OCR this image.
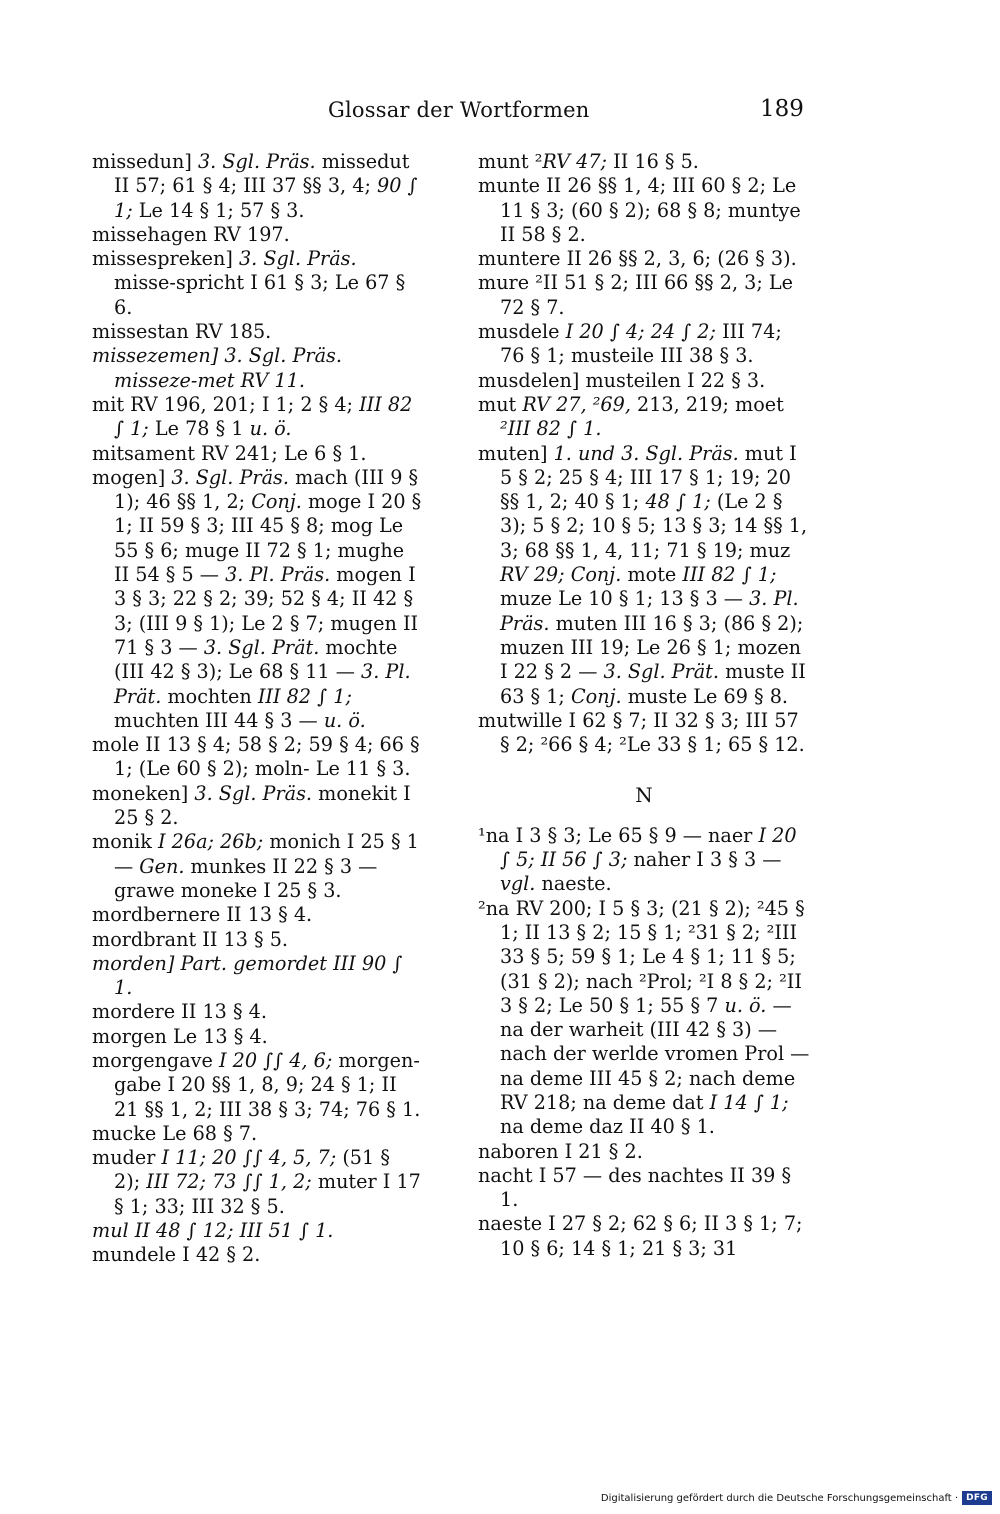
Glossar der Wortformen	189
missedun] 3. Sgl. Präs. missedut II 57; 61 § 4; III 37 §§ 3, 4; 90 ∫ 1; Le 14 § 1; 57 § 3.
missehagen RV 197.
missespreken] 3. Sgl. Präs. misse-spricht I 61 § 3; Le 67 § 6.
missestan RV 185.
missezemen] 3. Sgl. Präs. misseze-met RV 11.
mit RV 196, 201; I 1; 2 § 4; III 82 ∫ 1; Le 78 § 1 u. ö.
mitsament RV 241; Le 6 § 1.
mogen] 3. Sgl. Präs. mach (III 9 § 1); 46 §§ 1, 2; Conj. moge I 20 § 1; II 59 § 3; III 45 § 8; mog Le 55 § 6; muge II 72 § 1; mughe II 54 § 5 — 3. Pl. Präs. mogen I 3 § 3; 22 § 2; 39; 52 § 4; II 42 § 3; (III 9 § 1); Le 2 § 7; mugen II 71 § 3 — 3. Sgl. Prät. mochte (III 42 § 3); Le 68 § 11 — 3. Pl. Prät. mochten III 82 ∫ 1; muchten III 44 § 3 — u. ö.
mole II 13 § 4; 58 § 2; 59 § 4; 66 § 1; (Le 60 § 2); moln- Le 11 § 3.
moneken] 3. Sgl. Präs. monekit I 25 § 2.
monik I 26a; 26b; monich I 25 § 1 — Gen. munkes II 22 § 3 — grawe moneke I 25 § 3.
mordbernere II 13 § 4.
mordbrant II 13 § 5.
morden] Part. gemordet III 90 ∫ 1.
mordere II 13 § 4.
morgen Le 13 § 4.
morgengave I 20 ∫∫ 4, 6; morgen-gabe I 20 §§ 1, 8, 9; 24 § 1; II 21 §§ 1, 2; III 38 § 3; 74; 76 § 1.
mucke Le 68 § 7.
muder I 11; 20 ∫∫ 4, 5, 7; (51 § 2); III 72; 73 ∫∫ 1, 2; muter I 17 § 1; 33; III 32 § 5.
mul II 48 ∫ 12; III 51 ∫ 1.
mundele I 42 § 2.
munt ²RV 47; II 16 § 5.
munte II 26 §§ 1, 4; III 60 § 2; Le 11 § 3; (60 § 2); 68 § 8; muntye II 58 § 2.
muntere II 26 §§ 2, 3, 6; (26 § 3).
mure ²II 51 § 2; III 66 §§ 2, 3; Le 72 § 7.
musdele I 20 ∫ 4; 24 ∫ 2; III 74; 76 § 1; musteile III 38 § 3.
musdelen] musteilen I 22 § 3.
mut RV 27, ²69, 213, 219; moet ²III 82 ∫ 1.
muten] 1. und 3. Sgl. Präs. mut I 5 § 2; 25 § 4; III 17 § 1; 19; 20 §§ 1, 2; 40 § 1; 48 ∫ 1; (Le 2 § 3); 5 § 2; 10 § 5; 13 § 3; 14 §§ 1, 3; 68 §§ 1, 4, 11; 71 § 19; muz RV 29; Conj. mote III 82 ∫ 1; muze Le 10 § 1; 13 § 3 — 3. Pl. Präs. muten III 16 § 3; (86 § 2); muzen III 19; Le 26 § 1; mozen I 22 § 2 — 3. Sgl. Prät. muste II 63 § 1; Conj. muste Le 69 § 8.
mutwille I 62 § 7; II 32 § 3; III 57 § 2; ²66 § 4; ²Le 33 § 1; 65 § 12.
N
¹na I 3 § 3; Le 65 § 9 — naer I 20 ∫ 5; II 56 ∫ 3; naher I 3 § 3 — vgl. naeste.
²na RV 200; I 5 § 3; (21 § 2); ²45 § 1; II 13 § 2; 15 § 1; ²31 § 2; ²III 33 § 5; 59 § 1; Le 4 § 1; 11 § 5; (31 § 2); nach ²Prol; ²I 8 § 2; ²II 3 § 2; Le 50 § 1; 55 § 7 u. ö. — na der warheit (III 42 § 3) — nach der werlde vromen Prol — na deme III 45 § 2; nach deme RV 218; na deme dat I 14 ∫ 1; na deme daz II 40 § 1.
naboren I 21 § 2.
nacht I 57 — des nachtes II 39 § 1.
naeste I 27 § 2; 62 § 6; II 3 § 1; 7; 10 § 6; 14 § 1; 21 § 3; 31
Digitalisierung gefördert durch die Deutsche Forschungsgemeinschaft · DFG
